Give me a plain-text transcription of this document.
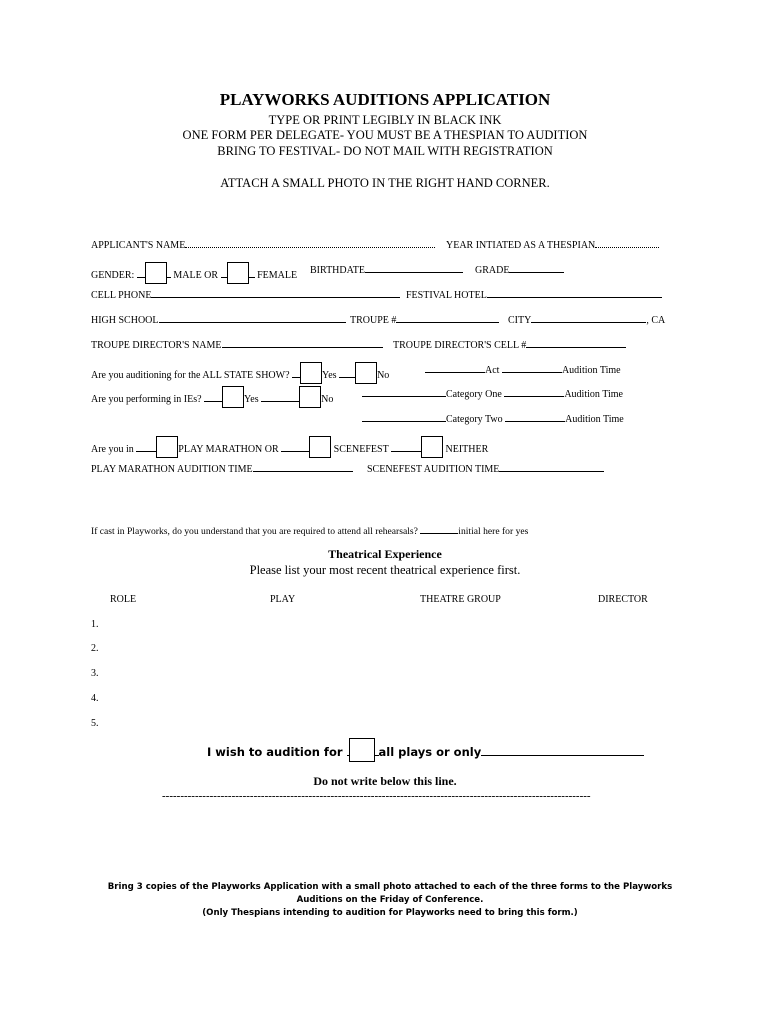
PLAYWORKS AUDITIONS APPLICATION
TYPE OR PRINT LEGIBLY IN BLACK INK
ONE FORM PER DELEGATE- YOU MUST BE A THESPIAN TO AUDITION
BRING TO FESTIVAL- DO NOT MAIL WITH REGISTRATION
ATTACH A SMALL PHOTO IN THE RIGHT HAND CORNER.
APPLICANT'S NAME	YEAR INTIATED AS A THESPIAN
GENDER:	MALE OR	FEMALE BIRTHDATE	GRADE
CELL PHONE	FESTIVAL HOTEL
HIGH SCHOOL	TROUPE #	CITY	, CA
TROUPE DIRECTOR'S NAME	TROUPE DIRECTOR'S CELL #
Are you auditioning for the ALL STATE SHOW?	Yes	No	Act	Audition Time
Are you performing in IEs?	Yes	No	Category One	Audition Time
Category Two	Audition Time
Are you in	PLAY MARATHON OR	SCENEFEST	NEITHER
PLAY MARATHON AUDITION TIME	SCENEFEST AUDITION TIME
If cast in Playworks, do you understand that you are required to attend all rehearsals?	initial here for yes
Theatrical Experience
Please list your most recent theatrical experience first.
ROLE	PLAY	THEATRE GROUP	DIRECTOR
1.
2.
3.
4.
5.
I wish to audition for	all plays or only
Do not write below this line.
---------------------------------------------------------------------------------------------------------------------
Bring 3 copies of the Playworks Application with a small photo attached to each of the three forms to the Playworks Auditions on the Friday of Conference.
(Only Thespians intending to audition for Playworks need to bring this form.)
